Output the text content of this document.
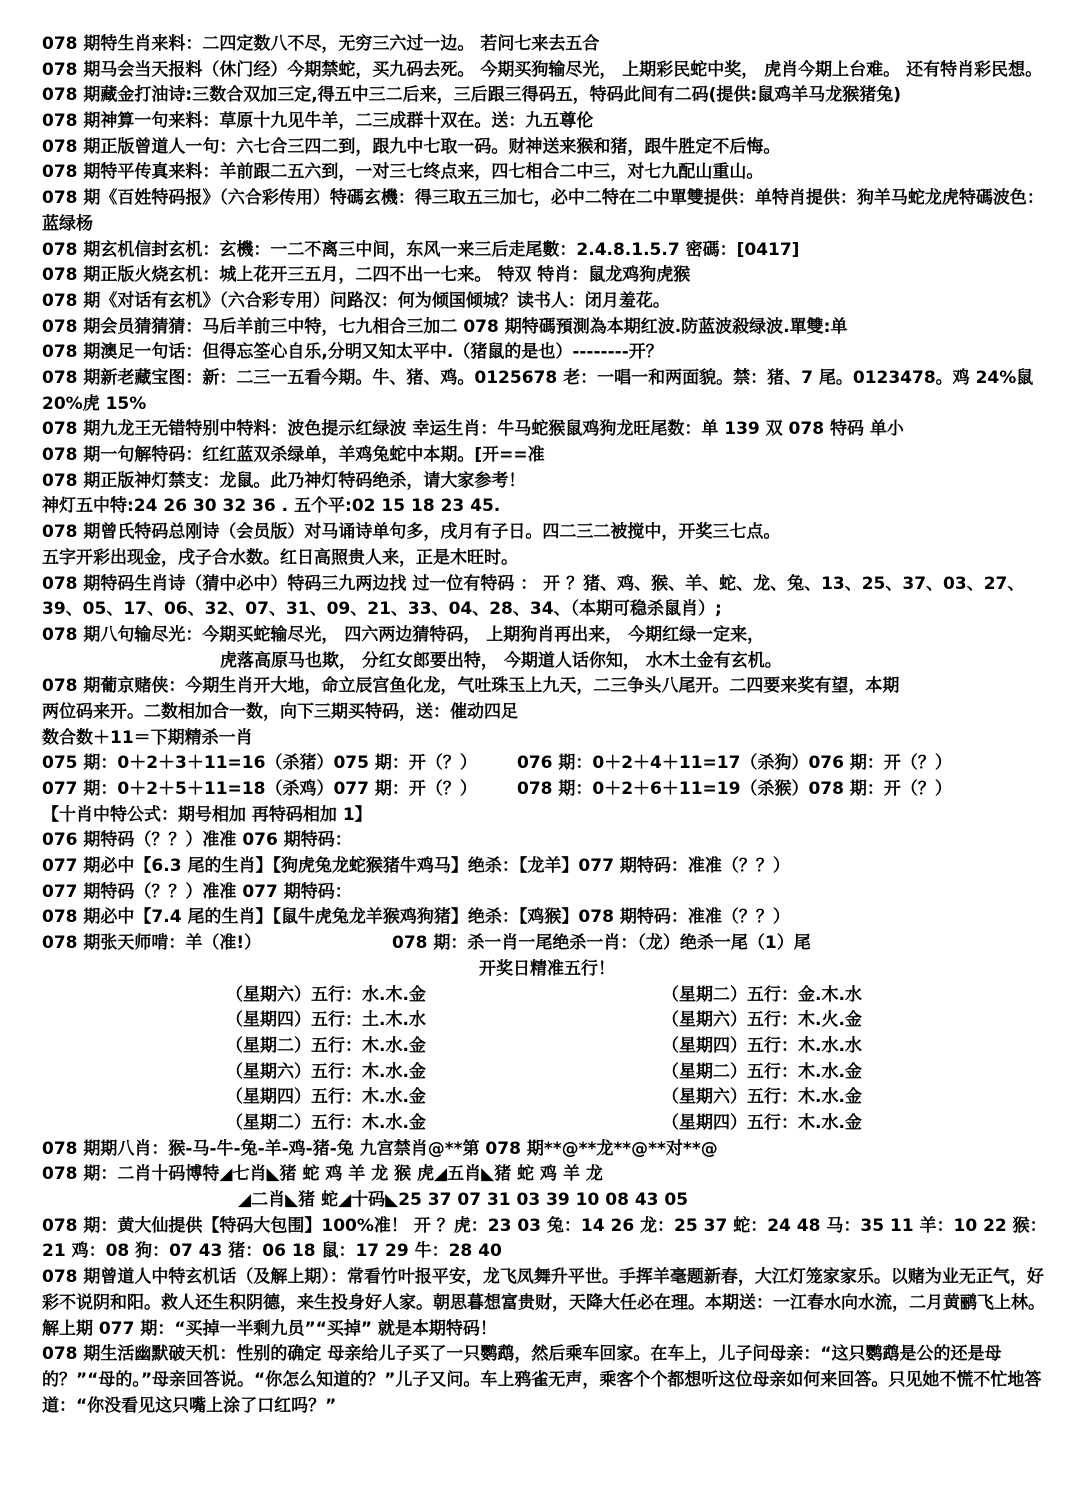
078 期特生肖来料：二四定数八不尽，无穷三六过一边。 若问七来去五合
078 期马会当天报料（休门经）今期禁蛇，买九码去死。 今期买狗输尽光， 上期彩民蛇中奖， 虎肖今期上台难。 还有特肖彩民想。
078 期藏金打油诗:三数合双加三定,得五中三二后来，三后跟三得码五，特码此间有二码(提供:鼠鸡羊马龙猴猪兔)
078 期神算一句来料：草原十九见牛羊，二三成群十双在。送：九五尊伦
078 期正版曾道人一句：六七合三四二到，跟九中七取一码。财神送来猴和猪，跟牛胜定不后悔。
078 期特平传真来料：羊前跟二五六到，一对三七终点来，四七相合二中三，对七九配山重山。
078 期《百姓特码报》（六合彩传用）特碼玄機：得三取五三加七，必中二特在二中單雙提供：单特肖提供：狗羊马蛇龙虎特碼波色：蓝绿杨
078 期玄机信封玄机：玄機：一二不离三中间，东风一来三后走尾數：2.4.8.1.5.7 密碼：[0417]
078 期正版火烧玄机：城上花开三五月，二四不出一七来。 特双 特肖：鼠龙鸡狗虎猴
078 期《对话有玄机》（六合彩专用）问路汉：何为倾国倾城？读书人：闭月羞花。
078 期会员猜猜猜：马后羊前三中特，七九相合三加二 078 期特碼預測為本期红波.防蓝波殺绿波.單雙:单
078 期澳足一句话：但得忘筌心自乐,分明又知太平中.（猪鼠的是也）--------开？
078 期新老藏宝图：新：二三一五看今期。牛、猪、鸡。0125678 老：一唱一和两面貌。禁：猪、7 尾。0123478。鸡 24%鼠 20%虎 15%
078 期九龙王无错特别中特料：波色提示红绿波 幸运生肖：牛马蛇猴鼠鸡狗龙旺尾数：单 139 双 078 特码 单小
078 期一句解特码：红红蓝双杀绿单，羊鸡兔蛇中本期。[开==准
078 期正版神灯禁支：龙鼠。此乃神灯特码绝杀，请大家参考！
神灯五中特:24 26 30 32 36 . 五个平:02 15 18 23 45.
078 期曾氏特码总刚诗（会员版）对马诵诗单句多，戌月有子日。四二三二被搅中，开奖三七点。
五字开彩出现金，戌子合水数。红日高照贵人来，正是木旺时。
078 期特码生肖诗（猜中必中）特码三九两边找 过一位有特码 ： 开 ？猪、鸡、猴、羊、蛇、龙、兔、13、25、37、03、27、39、05、17、06、32、07、31、09、21、33、04、28、34、（本期可稳杀鼠肖）;
078 期八句输尽光：今期买蛇输尽光， 四六两边猜特码， 上期狗肖再出来， 今期红绿一定来，
虎落高原马也欺， 分红女郎要出特， 今期道人话你知， 水木土金有玄机。
078 期葡京赌侠：今期生肖开大地，命立辰宫鱼化龙，气吐珠玉上九天，二三争头八尾开。二四要来奖有望，本期
两位码来开。二数相加合一数，向下三期买特码，送：催动四足
数合数＋11＝下期精杀一肖
075 期：0＋2＋3＋11=16（杀猪）075 期：开（？）	076 期：0＋2＋4＋11=17（杀狗）076 期：开（？）
077 期：0＋2＋5＋11=18（杀鸡）077 期：开（？）	078 期：0＋2＋6＋11=19（杀猴）078 期：开（？）
【十肖中特公式：期号相加 再特码相加 1】
076 期特码（？？）准准 076 期特码：
077 期必中【6.3 尾的生肖】【狗虎兔龙蛇猴猪牛鸡马】绝杀：【龙羊】077 期特码：准准（？？）
077 期特码（？？）准准 077 期特码：
078 期必中【7.4 尾的生肖】【鼠牛虎兔龙羊猴鸡狗猪】绝杀：【鸡猴】078 期特码：准准（？？）
078 期张天师啃：羊（准!）	078 期：杀一肖一尾绝杀一肖：（龙）绝杀一尾（1）尾
开奖日精准五行！
（星期六）五行：水.木.金	（星期二）五行：金.木.水
（星期四）五行：土.木.水	（星期六）五行：木.火.金
（星期二）五行：木.水.金	（星期四）五行：木.水.水
（星期六）五行：木.水.金	（星期二）五行：木.水.金
（星期四）五行：木.水.金	（星期六）五行：木.水.金
（星期二）五行：木.水.金	（星期四）五行：木.水.金
078 期期八肖：猴-马-牛-兔-羊-鸡-猪-兔 九宫禁肖@**第 078 期**@**龙**@**对**@
078 期：二肖十码博特◢七肖◣猪 蛇 鸡 羊 龙 猴 虎◢五肖◣猪 蛇 鸡 羊 龙
◢二肖◣猪 蛇◢十码◣25 37 07 31 03 39 10 08 43 05
078 期：黄大仙提供【特码大包围】100%准！ 开 ？虎：23 03 兔：14 26 龙：25 37 蛇：24 48 马：35 11 羊：10 22 猴：21 鸡：08 狗：07 43 猪：06 18 鼠：17 29 牛：28 40
078 期曾道人中特玄机话（及解上期）：常看竹叶报平安，龙飞凤舞升平世。手挥羊毫题新春，大江灯笼家家乐。以赌为业无正气，好彩不说阴和阳。救人还生积阴德，来生投身好人家。朝思暮想富贵财，天降大任必在理。本期送：一江春水向水流，二月黄鹂飞上林。解上期 077 期：“买掉一半剩九员”“买掉” 就是本期特码！
078 期生活幽默破天机：性别的确定 母亲给儿子买了一只鹦鹉，然后乘车回家。在车上，儿子问母亲：“这只鹦鹉是公的还是母的？”“母的。”母亲回答说。“你怎么知道的？”儿子又问。车上鸦雀无声，乘客个个都想听这位母亲如何来回答。只见她不慌不忙地答道：“你没看见这只嘴上涂了口红吗？”
